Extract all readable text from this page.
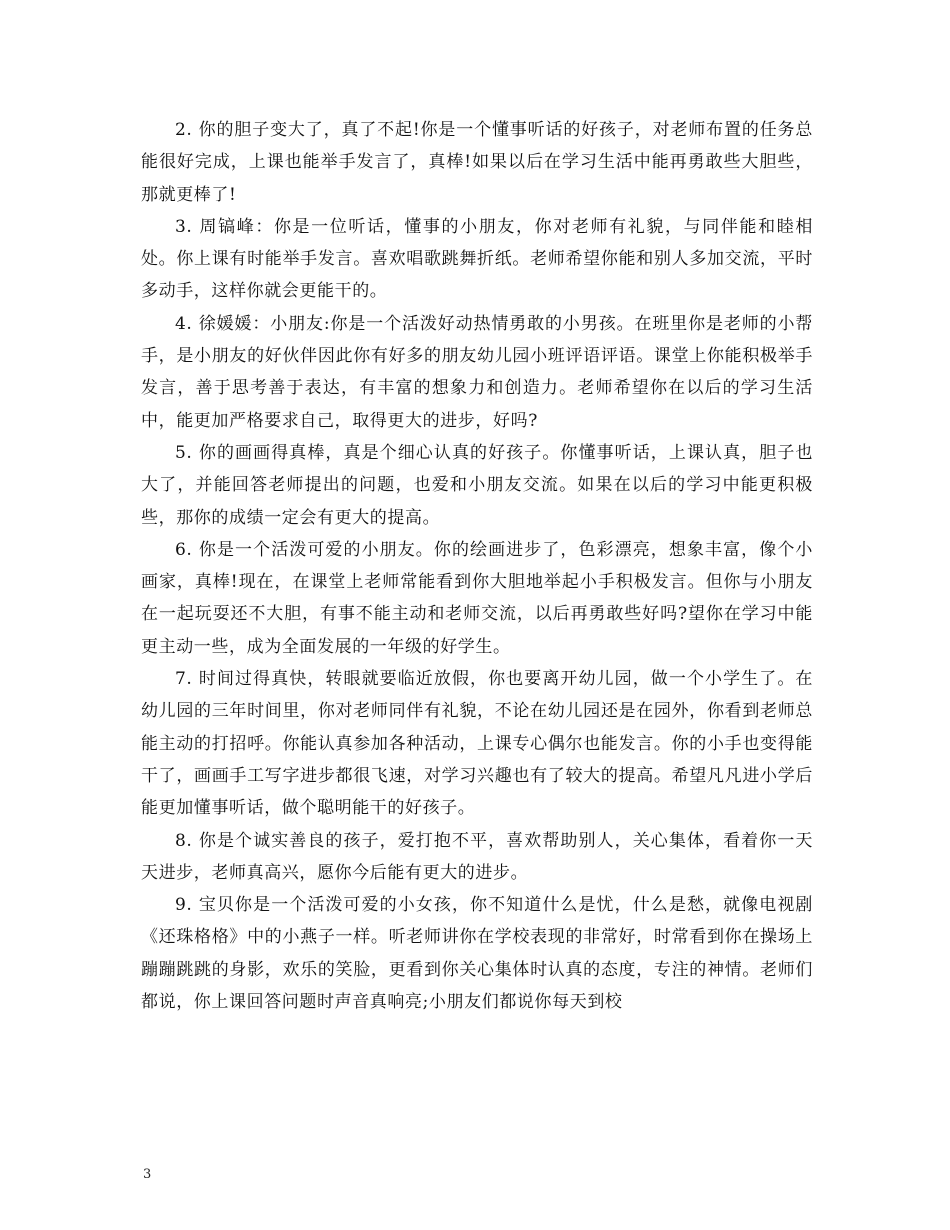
2. 你的胆子变大了，真了不起!你是一个懂事听话的好孩子，对老师布置的任务总能很好完成，上课也能举手发言了，真棒!如果以后在学习生活中能再勇敢些大胆些，那就更棒了!

3. 周镐峰：你是一位听话，懂事的小朋友，你对老师有礼貌，与同伴能和睦相处。你上课有时能举手发言。喜欢唱歌跳舞折纸。老师希望你能和别人多加交流，平时多动手，这样你就会更能干的。

4. 徐媛媛：小朋友:你是一个活泼好动热情勇敢的小男孩。在班里你是老师的小帮手，是小朋友的好伙伴因此你有好多的朋友幼儿园小班评语评语。课堂上你能积极举手发言，善于思考善于表达，有丰富的想象力和创造力。老师希望你在以后的学习生活中，能更加严格要求自己，取得更大的进步，好吗?

5. 你的画画得真棒，真是个细心认真的好孩子。你懂事听话，上课认真，胆子也大了，并能回答老师提出的问题，也爱和小朋友交流。如果在以后的学习中能更积极些，那你的成绩一定会有更大的提高。

6. 你是一个活泼可爱的小朋友。你的绘画进步了，色彩漂亮，想象丰富，像个小画家，真棒!现在，在课堂上老师常能看到你大胆地举起小手积极发言。但你与小朋友在一起玩耍还不大胆，有事不能主动和老师交流，以后再勇敢些好吗?望你在学习中能更主动一些，成为全面发展的一年级的好学生。

7. 时间过得真快，转眼就要临近放假，你也要离开幼儿园，做一个小学生了。在幼儿园的三年时间里，你对老师同伴有礼貌，不论在幼儿园还是在园外，你看到老师总能主动的打招呼。你能认真参加各种活动，上课专心偶尔也能发言。你的小手也变得能干了，画画手工写字进步都很飞速，对学习兴趣也有了较大的提高。希望凡凡进小学后能更加懂事听话，做个聪明能干的好孩子。

8. 你是个诚实善良的孩子，爱打抱不平，喜欢帮助别人，关心集体，看着你一天天进步，老师真高兴，愿你今后能有更大的进步。

9. 宝贝你是一个活泼可爱的小女孩，你不知道什么是忧，什么是愁，就像电视剧《还珠格格》中的小燕子一样。听老师讲你在学校表现的非常好，时常看到你在操场上蹦蹦跳跳的身影，欢乐的笑脸，更看到你关心集体时认真的态度，专注的神情。老师们都说，你上课回答问题时声音真响亮;小朋友们都说你每天到校

3
